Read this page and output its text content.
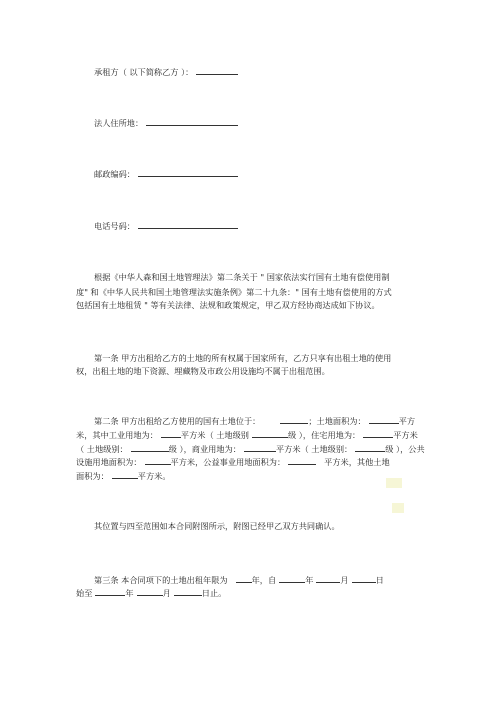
承租方（ 以下简称乙方 ）：
法人住所地：
邮政编码：
电话号码：
根据《中华人森和国土地管理法》第二条关于 " 国家依法实行国有土地有偿使用制
度" 和《中华人民共和国土地管理法实施条例》第二十九条：" 国有土地有偿使用的方式
包括国有土地租赁 " 等有关法律、法规和政策规定，甲乙双方经协商达成如下协议。
第一条 甲方出租给乙方的土地的所有权属于国家所有，乙方只享有出租土地的使用
权，出租土地的地下资源、埋藏物及市政公用设施均不属于出租范围。
第二条 甲方出租给乙方使用的国有土地位于：	；土地面积为：	平方
米，其中工业用地为：	平方米（ 土地级别	级 ），住宅用地为：	平方米
（ 土地级别：	级 ），商业用地为：	平方米（ 土地级别：	级 ），公共
设施用地面积为：	平方米，公益事业用地面积为：	平方米，其他土地
面积为：	平方米。
其位置与四至范围如本合同附图所示，附图已经甲乙双方共同确认。
第三条 本合同项下的土地出租年限为	年，自	年	月	日
始至	年	月	日止。
